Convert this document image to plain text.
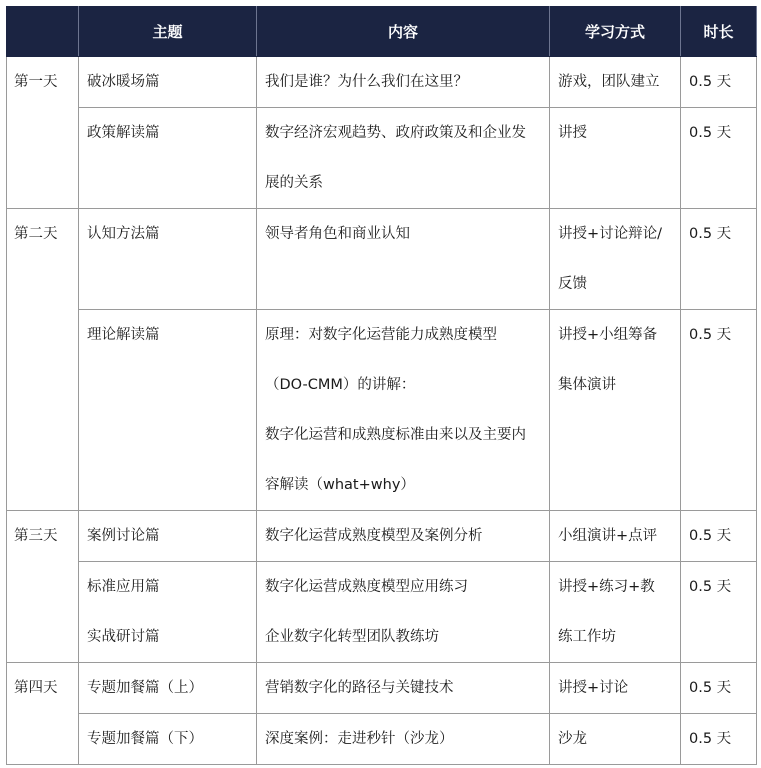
	主题	内容	学习方式	时长

第一天	破冰暖场篇	我们是谁？为什么我们在这里？	游戏，团队建立	0.5 天

	政策解读篇	数字经济宏观趋势、政府政策及和企业发
展的关系	讲授	0.5 天

第二天	认知方法篇	领导者角色和商业认知	讲授+讨论辩论/
反馈	0.5 天

	理论解读篇	原理：对数字化运营能力成熟度模型
（DO-CMM）的讲解：
数字化运营和成熟度标准由来以及主要内
容解读（what+why）	讲授+小组筹备
集体演讲	0.5 天

第三天	案例讨论篇	数字化运营成熟度模型及案例分析	小组演讲+点评	0.5 天

	标准应用篇
实战研讨篇	数字化运营成熟度模型应用练习
企业数字化转型团队教练坊	讲授+练习+教
练工作坊	0.5 天

第四天	专题加餐篇（上）	营销数字化的路径与关键技术	讲授+讨论	0.5 天

	专题加餐篇（下）	深度案例：走进秒针（沙龙）	沙龙	0.5 天
